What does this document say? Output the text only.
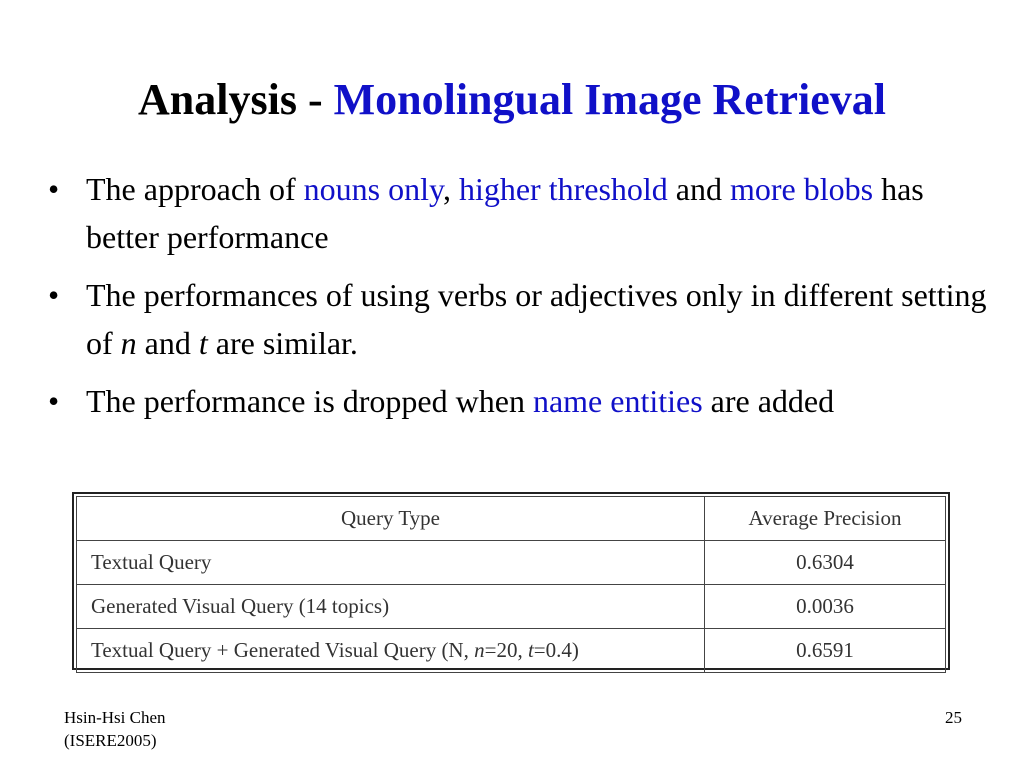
Analysis - Monolingual Image Retrieval
• The approach of nouns only, higher threshold and more blobs has better performance
• The performances of using verbs or adjectives only in different setting of n and t are similar.
• The performance is dropped when name entities are added
Query Type	Average Precision
Textual Query	0.6304
Generated Visual Query (14 topics)	0.0036
Textual Query + Generated Visual Query (N, n=20, t=0.4)	0.6591
Hsin-Hsi Chen
(ISERE2005)
25
